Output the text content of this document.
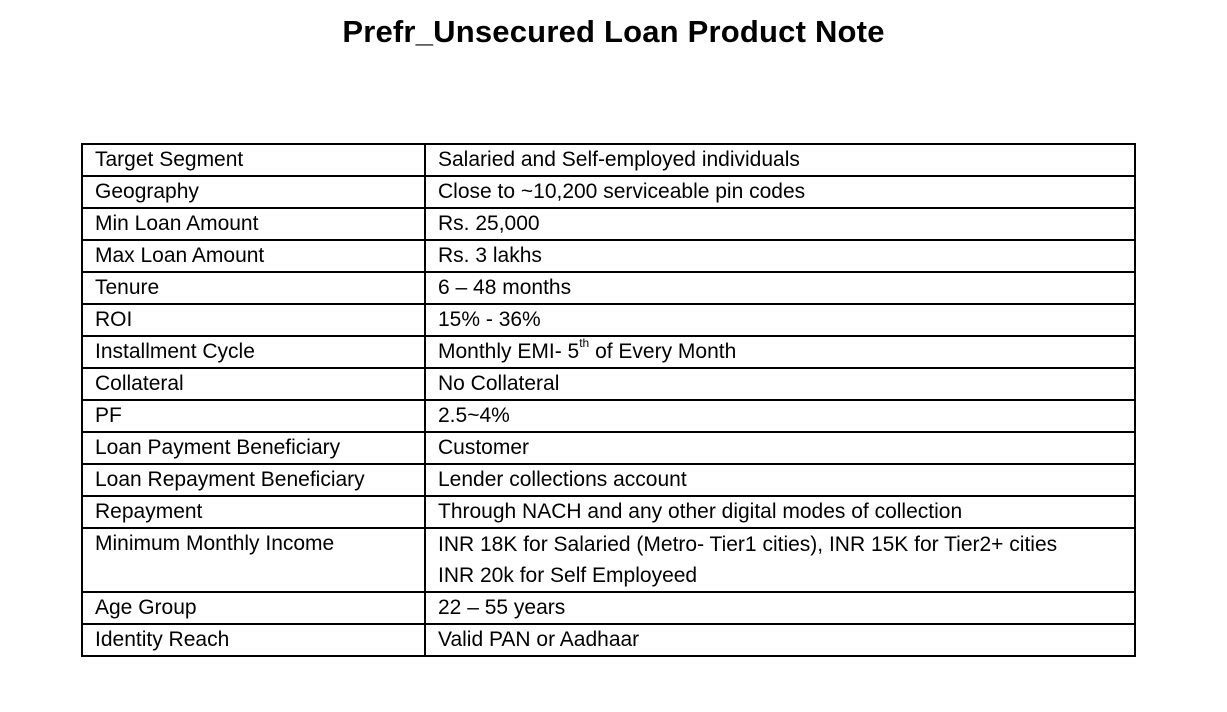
Prefr_Unsecured Loan Product Note
Target Segment	Salaried and Self-employed individuals
Geography	Close to ~10,200 serviceable pin codes
Min Loan Amount	Rs. 25,000
Max Loan Amount	Rs. 3 lakhs
Tenure	6 – 48 months
ROI	15% - 36%
Installment Cycle	Monthly EMI- 5th of Every Month
Collateral	No Collateral
PF	2.5~4%
Loan Payment Beneficiary	Customer
Loan Repayment Beneficiary	Lender collections account
Repayment	Through NACH and any other digital modes of collection
Minimum Monthly Income	INR 18K for Salaried (Metro- Tier1 cities), INR 15K for Tier2+ cities
INR 20k for Self Employeed

Age Group	22 – 55 years
Identity Reach	Valid PAN or Aadhaar
